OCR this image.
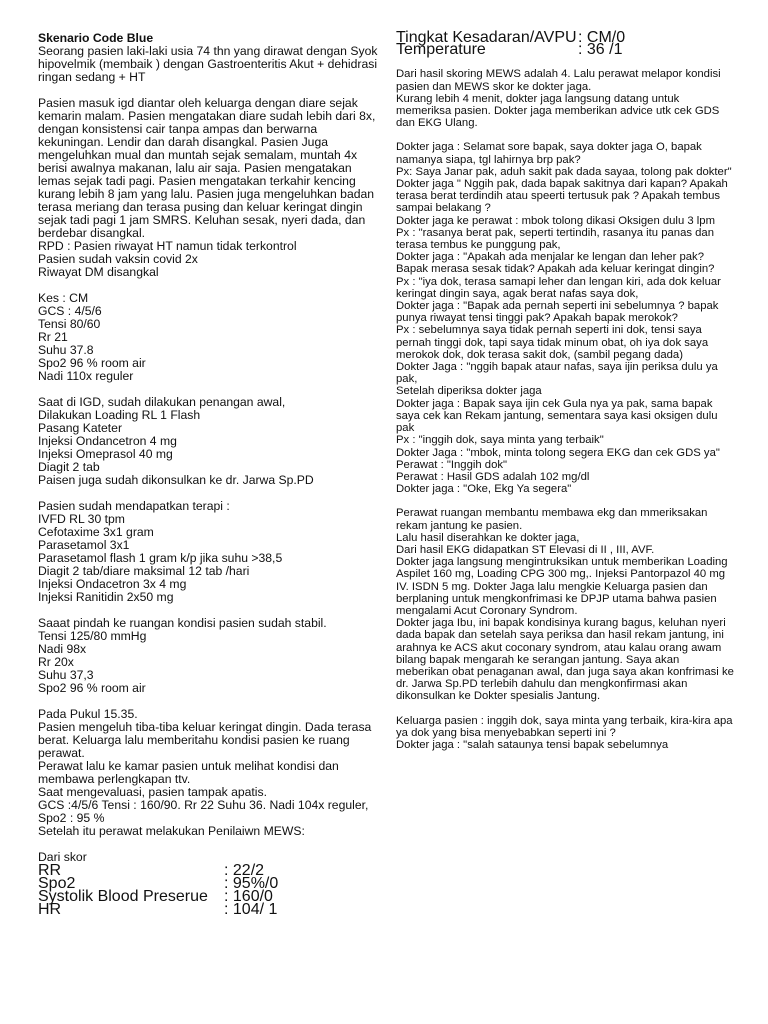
Skenario Code Blue

Seorang pasien laki-laki usia 74 thn yang dirawat dengan Syok hipovelmik (membaik ) dengan Gastroenteritis Akut + dehidrasi ringan sedang + HT

Pasien masuk igd diantar oleh keluarga dengan diare sejak kemarin malam. Pasien mengatakan diare sudah lebih dari 8x, dengan konsistensi cair tanpa ampas dan berwarna kekuningan. Lendir dan darah disangkal. Pasien Juga mengeluhkan mual dan muntah sejak semalam, muntah 4x berisi awalnya makanan, lalu air saja. Pasien mengatakan lemas sejak tadi pagi. Pasien mengatakan terkahir kencing kurang lebih 8 jam yang lalu. Pasien juga mengeluhkan badan terasa meriang dan terasa pusing dan keluar keringat dingin sejak tadi pagi 1 jam SMRS. Keluhan sesak, nyeri dada, dan berdebar disangkal.

RPD : Pasien riwayat HT namun tidak terkontrol
Pasien sudah vaksin covid 2x
Riwayat DM disangkal

Kes : CM
GCS : 4/5/6
Tensi 80/60
Rr 21
Suhu 37.8
Spo2 96 % room air
Nadi 110x reguler

Saat di IGD, sudah dilakukan penangan awal,
Dilakukan Loading RL 1 Flash
Pasang Kateter
Injeksi Ondancetron 4 mg
Injeksi Omeprasol 40 mg
Diagit 2 tab
Paisen juga sudah dikonsulkan ke dr. Jarwa Sp.PD

Pasien sudah mendapatkan terapi :
IVFD RL 30 tpm
Cefotaxime 3x1 gram
Parasetamol 3x1
Parasetamol flash 1 gram k/p jika suhu >38,5
Diagit 2 tab/diare maksimal 12 tab /hari
Injeksi Ondacetron 3x 4 mg
Injeksi Ranitidin 2x50 mg

Saaat pindah ke ruangan kondisi pasien sudah stabil.
Tensi 125/80 mmHg
Nadi 98x
Rr 20x
Suhu 37,3
Spo2 96 % room air

Pada Pukul 15.35.
Pasien mengeluh tiba-tiba keluar keringat dingin. Dada terasa berat. Keluarga lalu memberitahu kondisi pasien ke ruang perawat.
Perawat lalu ke kamar pasien untuk melihat kondisi dan membawa perlengkapan ttv.
Saat mengevaluasi, pasien tampak apatis.
GCS :4/5/6 Tensi : 160/90. Rr 22 Suhu 36. Nadi 104x reguler, Spo2 : 95 %
Setelah itu perawat melakukan Penilaiwn MEWS:

Dari skor

RR	: 22/2
Spo2	: 95%/0
Systolik Blood Preserue	: 160/0
HR	: 104/ 1
Tingkat Kesadaran/AVPU : CM/0
Temperature	: 36 /1

Dari hasil skoring MEWS adalah 4. Lalu perawat melapor kondisi pasien dan MEWS skor ke dokter jaga.
Kurang lebih 4 menit, dokter jaga langsung datang untuk memeriksa pasien. Dokter jaga memberikan advice utk cek GDS dan EKG Ulang.

Dokter jaga : Selamat sore bapak, saya dokter jaga O, bapak namanya siapa, tgl lahirnya brp pak?
Px: Saya Janar pak, aduh sakit pak dada sayaa, tolong pak dokter"
Dokter jaga " Nggih pak, dada bapak sakitnya dari kapan? Apakah terasa berat terdindih atau speerti tertusuk pak ? Apakah tembus sampai belakang ?
Dokter jaga ke perawat : mbok tolong dikasi Oksigen dulu 3 lpm
Px : "rasanya berat pak, seperti tertindih, rasanya itu panas dan terasa tembus ke punggung pak,
Dokter jaga : "Apakah ada menjalar ke lengan dan leher pak? Bapak merasa sesak tidak? Apakah ada keluar keringat dingin?
Px : "iya dok, terasa samapi leher dan lengan kiri, ada dok keluar keringat dingin saya, agak berat nafas saya dok,
Dokter jaga : "Bapak ada pernah seperti ini sebelumnya ? bapak punya riwayat tensi tinggi pak? Apakah bapak merokok?
Px : sebelumnya saya tidak pernah seperti ini dok, tensi saya pernah tinggi dok, tapi saya tidak minum obat, oh iya dok saya merokok dok, dok terasa sakit dok, (sambil pegang dada)
Dokter Jaga : "nggih bapak ataur nafas, saya ijin periksa dulu ya pak,
Setelah diperiksa dokter jaga
Dokter jaga : Bapak saya ijin cek Gula nya ya pak, sama bapak saya cek kan Rekam jantung, sementara saya kasi oksigen dulu pak
Px : "inggih dok, saya minta yang terbaik"
Dokter Jaga : "mbok, minta tolong segera EKG dan cek GDS ya"
Perawat : "Inggih dok"
Perawat : Hasil GDS adalah 102 mg/dl
Dokter jaga : "Oke, Ekg Ya segera"

Perawat ruangan membantu membawa ekg dan mmeriksakan rekam jantung ke pasien.
Lalu hasil diserahkan ke dokter jaga,
Dari hasil EKG didapatkan ST Elevasi di II , III, AVF.
Dokter jaga langsung mengintruksikan untuk memberikan Loading Aspilet 160 mg, Loading CPG 300 mg,. Injeksi Pantorpazol 40 mg IV. ISDN 5 mg. Dokter Jaga lalu mengkie Keluarga pasien dan berplaning untuk mengkonfrimasi ke DPJP utama bahwa pasien mengalami Acut Coronary Syndrom.
Dokter jaga Ibu, ini bapak kondisinya kurang bagus, keluhan nyeri dada bapak dan setelah saya periksa dan hasil rekam jantung, ini arahnya ke ACS akut coconary syndrom, atau kalau orang awam bilang bapak mengarah ke serangan jantung. Saya akan meberikan obat penaganan awal, dan juga saya akan konfrimasi ke dr. Jarwa Sp.PD terlebih dahulu dan mengkonfirmasi akan dikonsulkan ke Dokter spesialis Jantung.

Keluarga pasien : inggih dok, saya minta yang terbaik, kira-kira apa ya dok yang bisa menyebabkan seperti ini ?
Dokter jaga : "salah sataunya tensi bapak sebelumnya
